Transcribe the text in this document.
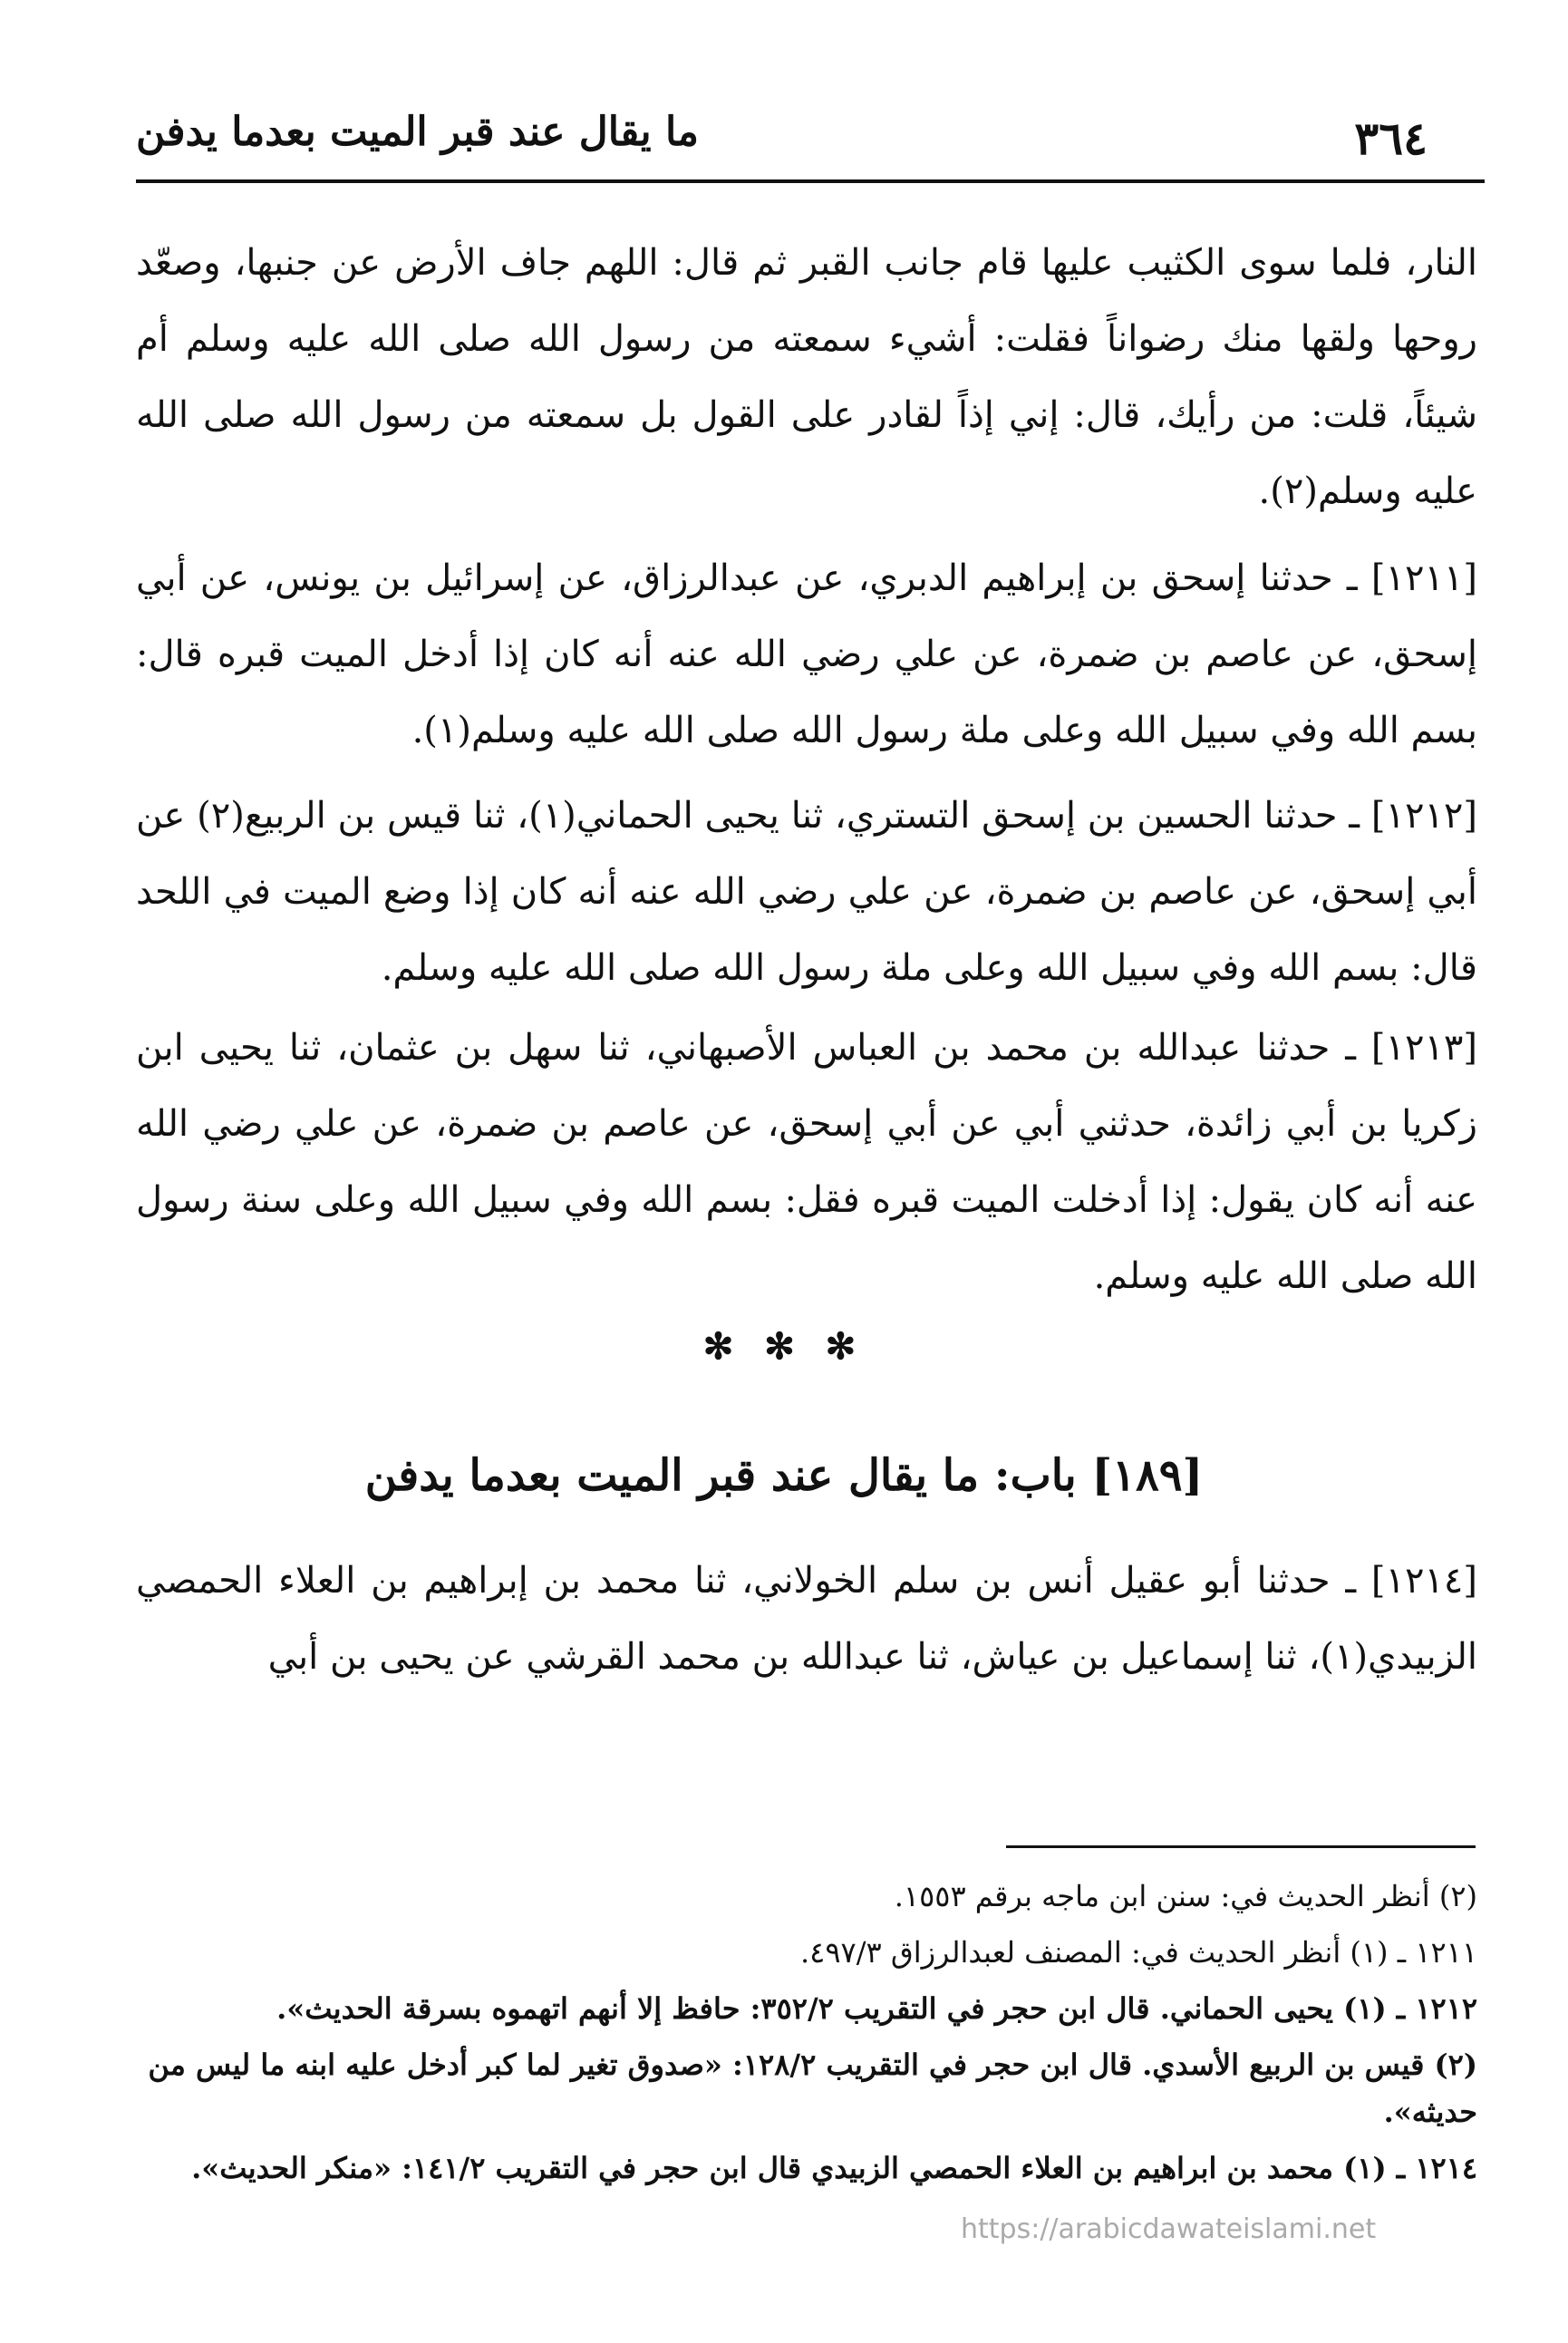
٣٦٤
ما يقال عند قبر الميت بعدما يدفن

النار، فلما سوى الكثيب عليها قام جانب القبر ثم قال: اللهم جاف الأرض عن جنبها، وصعّد روحها ولقها منك رضواناً فقلت: أشيء سمعته من رسول الله صلى الله عليه وسلم أم شيئاً، قلت: من رأيك، قال: إني إذاً لقادر على القول بل سمعته من رسول الله صلى الله عليه وسلم(٢).

[١٢١١] ـ حدثنا إسحق بن إبراهيم الدبري، عن عبدالرزاق، عن إسرائيل بن يونس، عن أبي إسحق، عن عاصم بن ضمرة، عن علي رضي الله عنه أنه كان إذا أدخل الميت قبره قال: بسم الله وفي سبيل الله وعلى ملة رسول الله صلى الله عليه وسلم(١).

[١٢١٢] ـ حدثنا الحسين بن إسحق التستري، ثنا يحيى الحماني(١)، ثنا قيس بن الربيع(٢) عن أبي إسحق، عن عاصم بن ضمرة، عن علي رضي الله عنه أنه كان إذا وضع الميت في اللحد قال: بسم الله وفي سبيل الله وعلى ملة رسول الله صلى الله عليه وسلم.

[١٢١٣] ـ حدثنا عبدالله بن محمد بن العباس الأصبهاني، ثنا سهل بن عثمان، ثنا يحيى ابن زكريا بن أبي زائدة، حدثني أبي عن أبي إسحق، عن عاصم بن ضمرة، عن علي رضي الله عنه أنه كان يقول: إذا أدخلت الميت قبره فقل: بسم الله وفي سبيل الله وعلى سنة رسول الله صلى الله عليه وسلم.

✻ ✻ ✻
[١٨٩] باب: ما يقال عند قبر الميت بعدما يدفن

[١٢١٤] ـ حدثنا أبو عقيل أنس بن سلم الخولاني، ثنا محمد بن إبراهيم بن العلاء الحمصي الزبيدي(١)، ثنا إسماعيل بن عياش، ثنا عبدالله بن محمد القرشي عن يحيى بن أبي

(٢) أنظر الحديث في: سنن ابن ماجه برقم ١٥٥٣.

١٢١١ ـ (١) أنظر الحديث في: المصنف لعبدالرزاق ٤٩٧/٣.

١٢١٢ ـ (١) يحيى الحماني. قال ابن حجر في التقريب ٣٥٢/٢: حافظ إلا أنهم اتهموه بسرقة الحديث».

(٢) قيس بن الربيع الأسدي. قال ابن حجر في التقريب ١٢٨/٢: «صدوق تغير لما كبر أدخل عليه ابنه ما ليس من حديثه».

١٢١٤ ـ (١) محمد بن ابراهيم بن العلاء الحمصي الزبيدي قال ابن حجر في التقريب ١٤١/٢: «منكر الحديث».

https://arabicdawateislami.net
